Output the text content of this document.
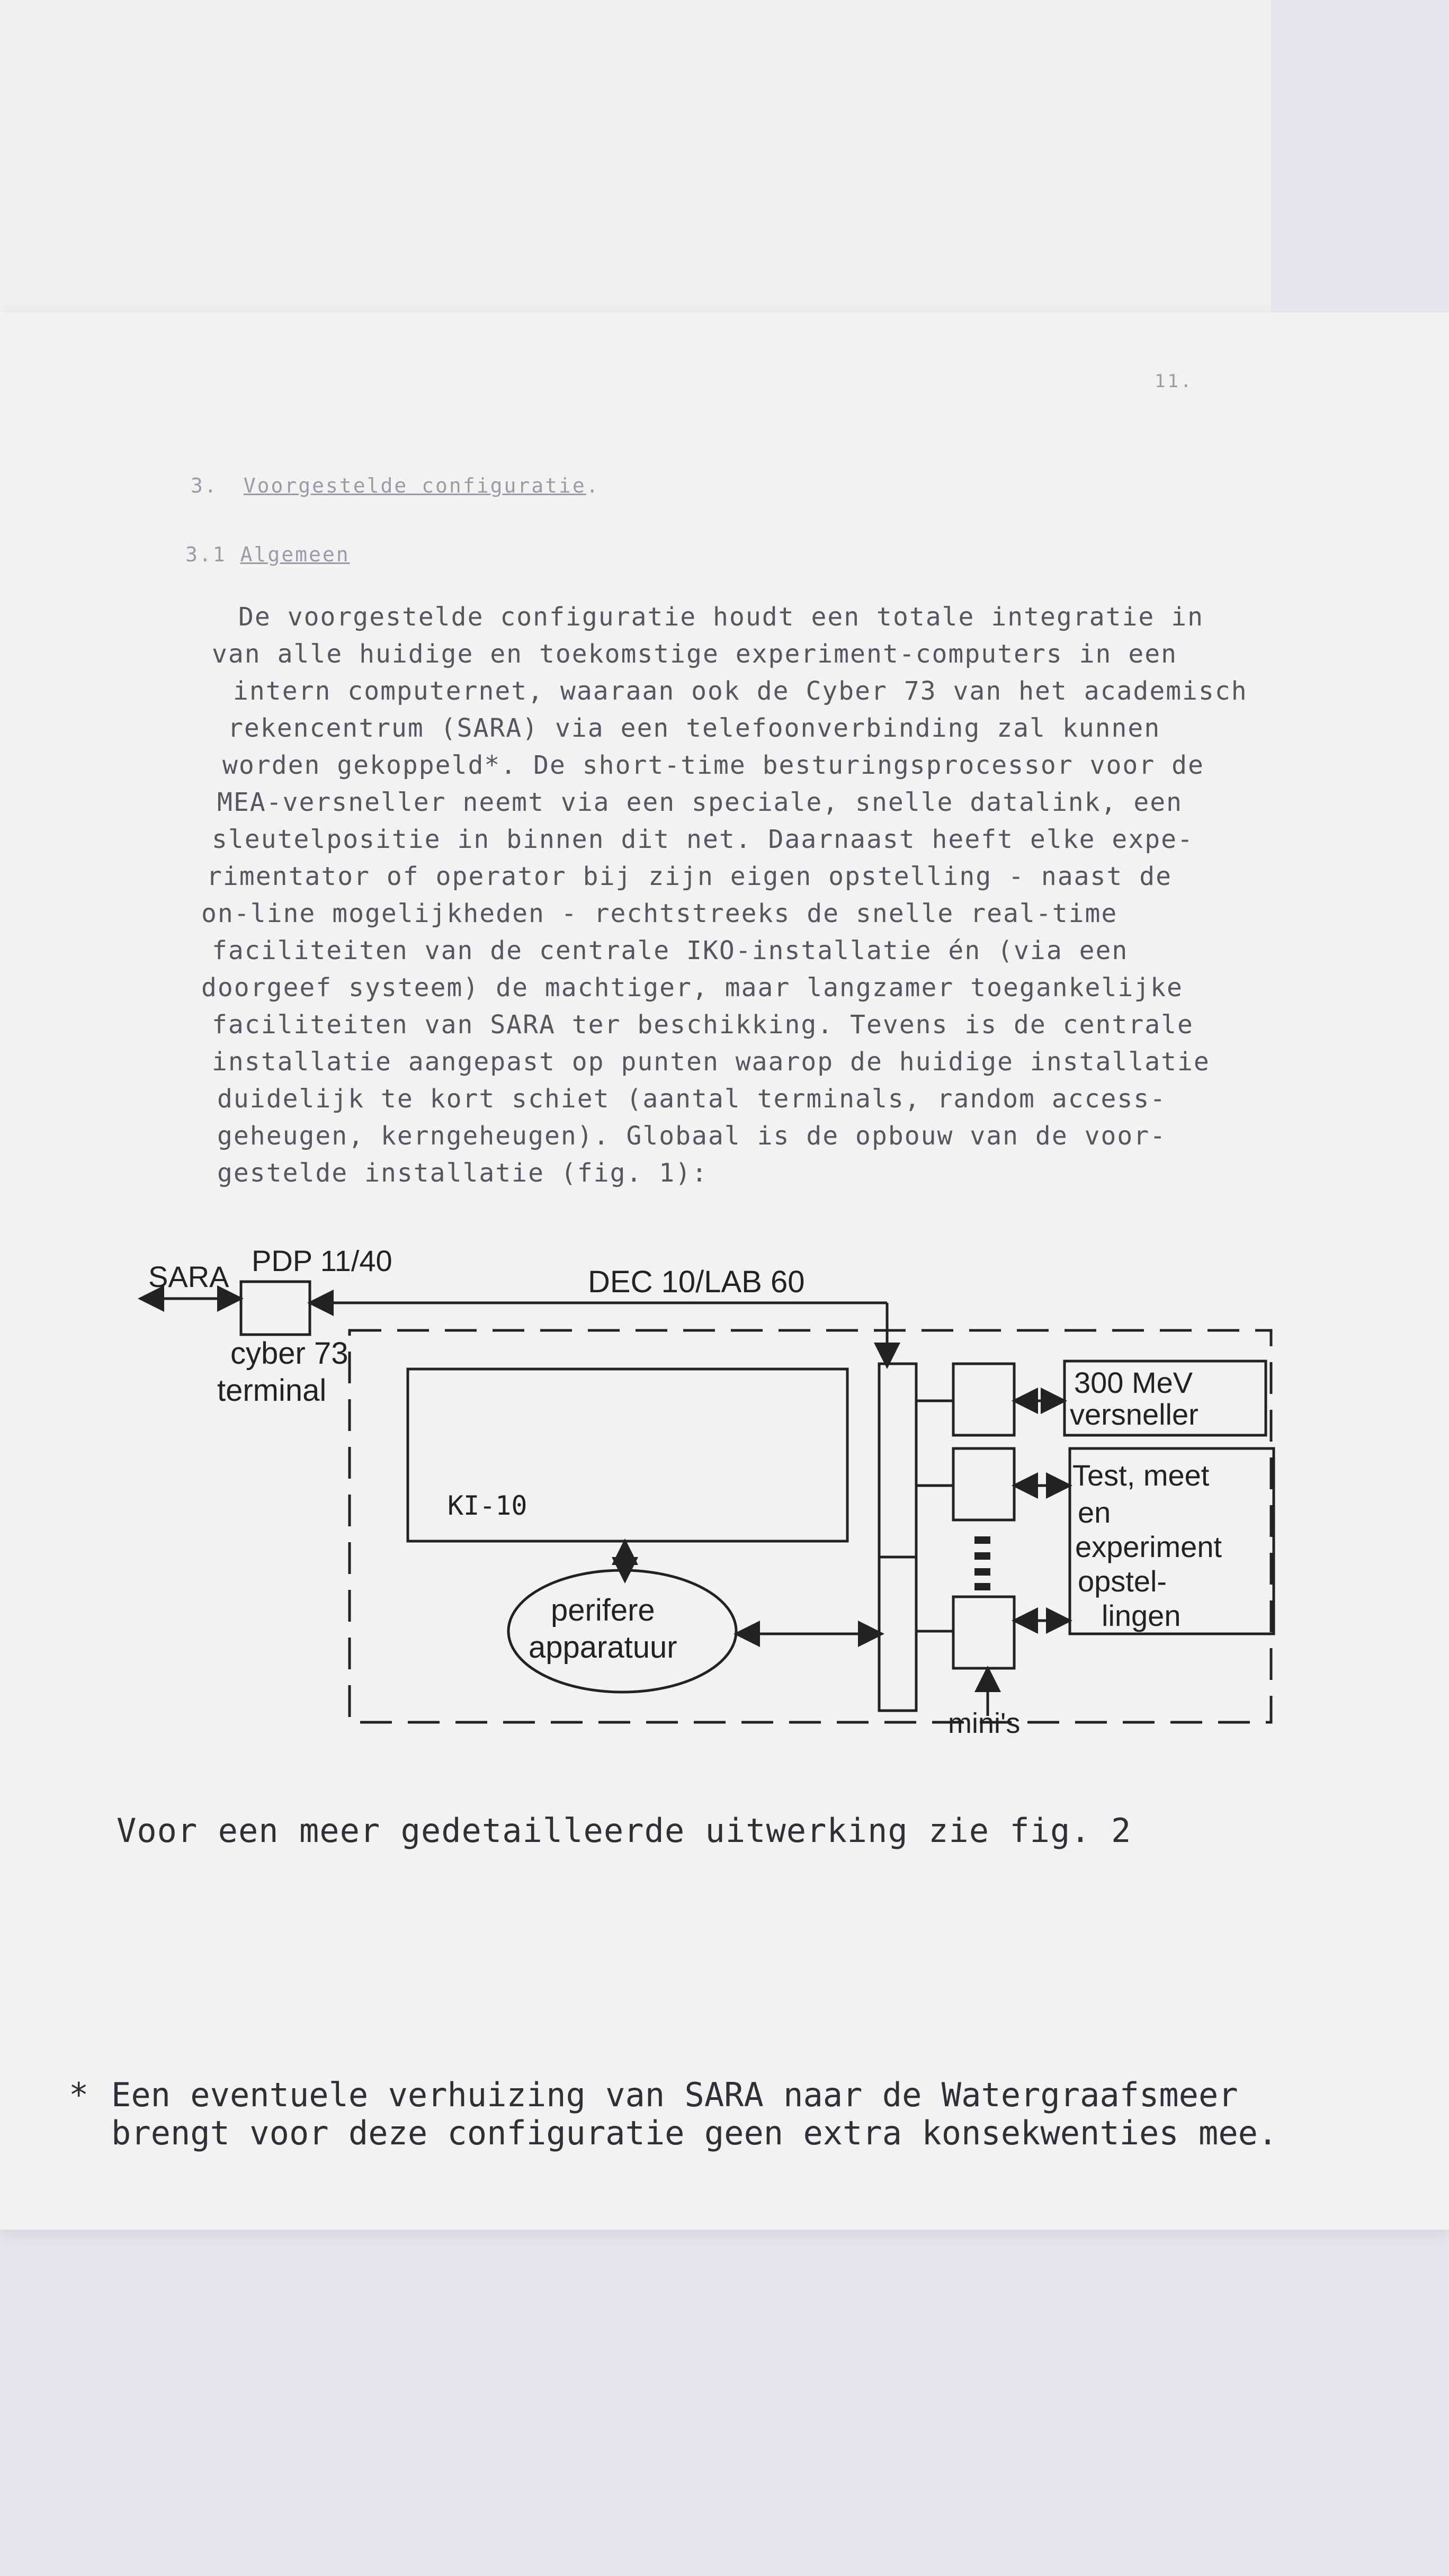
11.
3. Voorgestelde configuratie.
3.1 Algemeen
De voorgestelde configuratie houdt een totale integratie in
van alle huidige en toekomstige experiment-computers in een
intern computernet, waaraan ook de Cyber 73 van het academisch
rekencentrum (SARA) via een telefoonverbinding zal kunnen
worden gekoppeld*. De short-time besturingsprocessor voor de
MEA-versneller neemt via een speciale, snelle datalink, een
sleutelpositie in binnen dit net. Daarnaast heeft elke expe-
rimentator of operator bij zijn eigen opstelling - naast de
on-line mogelijkheden - rechtstreeks de snelle real-time
faciliteiten van de centrale IKO-installatie én (via een
doorgeef systeem) de machtiger, maar langzamer toegankelijke
faciliteiten van SARA ter beschikking. Tevens is de centrale
installatie aangepast op punten waarop de huidige installatie
duidelijk te kort schiet (aantal terminals, random access-
geheugen, kerngeheugen). Globaal is de opbouw van de voor-
gestelde installatie (fig. 1):
SARA PDP 11/40
DEC 10/LAB 60
cyber 73
terminal
KI-10
perifere
apparatuur
300 MeV
versneller
Test, meet
en
experiment
opstel-
lingen
mini's
Voor een meer gedetailleerde uitwerking zie fig. 2
* Een eventuele verhuizing van SARA naar de Watergraafsmeer
brengt voor deze configuratie geen extra konsekwenties mee.
